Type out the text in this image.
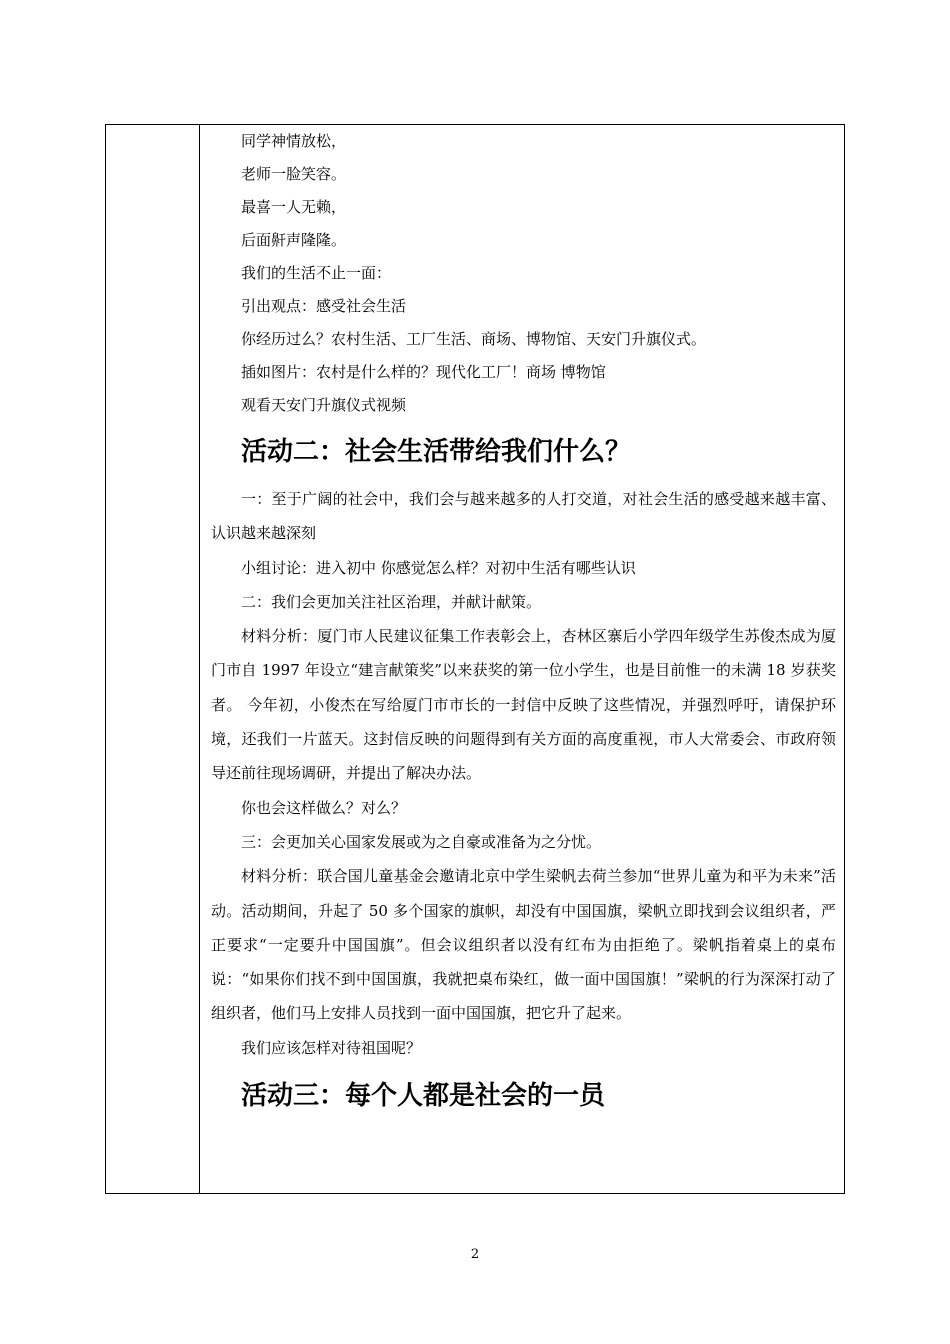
同学神情放松，
老师一脸笑容。
最喜一人无赖，
后面鼾声隆隆。
我们的生活不止一面：
引出观点：感受社会生活
你经历过么？农村生活、工厂生活、商场、博物馆、天安门升旗仪式。
插如图片：农村是什么样的？现代化工厂！商场 博物馆
观看天安门升旗仪式视频
活动二：社会生活带给我们什么？

一：至于广阔的社会中，我们会与越来越多的人打交道，对社会生活的感受越来越丰富、认识越来越深刻

小组讨论：进入初中 你感觉怎么样？对初中生活有哪些认识

二：我们会更加关注社区治理，并献计献策。

材料分析：厦门市人民建议征集工作表彰会上，杏林区寨后小学四年级学生苏俊杰成为厦门市自 1997 年设立“建言献策奖”以来获奖的第一位小学生，也是目前惟一的未满 18 岁获奖者。 今年初，小俊杰在写给厦门市市长的一封信中反映了这些情况，并强烈呼吁，请保护环境，还我们一片蓝天。这封信反映的问题得到有关方面的高度重视，市人大常委会、市政府领导还前往现场调研，并提出了解决办法。

你也会这样做么？对么？

三：会更加关心国家发展或为之自豪或准备为之分忧。

材料分析：联合国儿童基金会邀请北京中学生梁帆去荷兰参加“世界儿童为和平为未来”活动。活动期间，升起了 50 多个国家的旗帜，却没有中国国旗，梁帆立即找到会议组织者，严正要求“一定要升中国国旗”。但会议组织者以没有红布为由拒绝了。梁帆指着桌上的桌布说：“如果你们找不到中国国旗，我就把桌布染红，做一面中国国旗！”梁帆的行为深深打动了组织者，他们马上安排人员找到一面中国国旗，把它升了起来。

我们应该怎样对待祖国呢？

活动三：每个人都是社会的一员
2
